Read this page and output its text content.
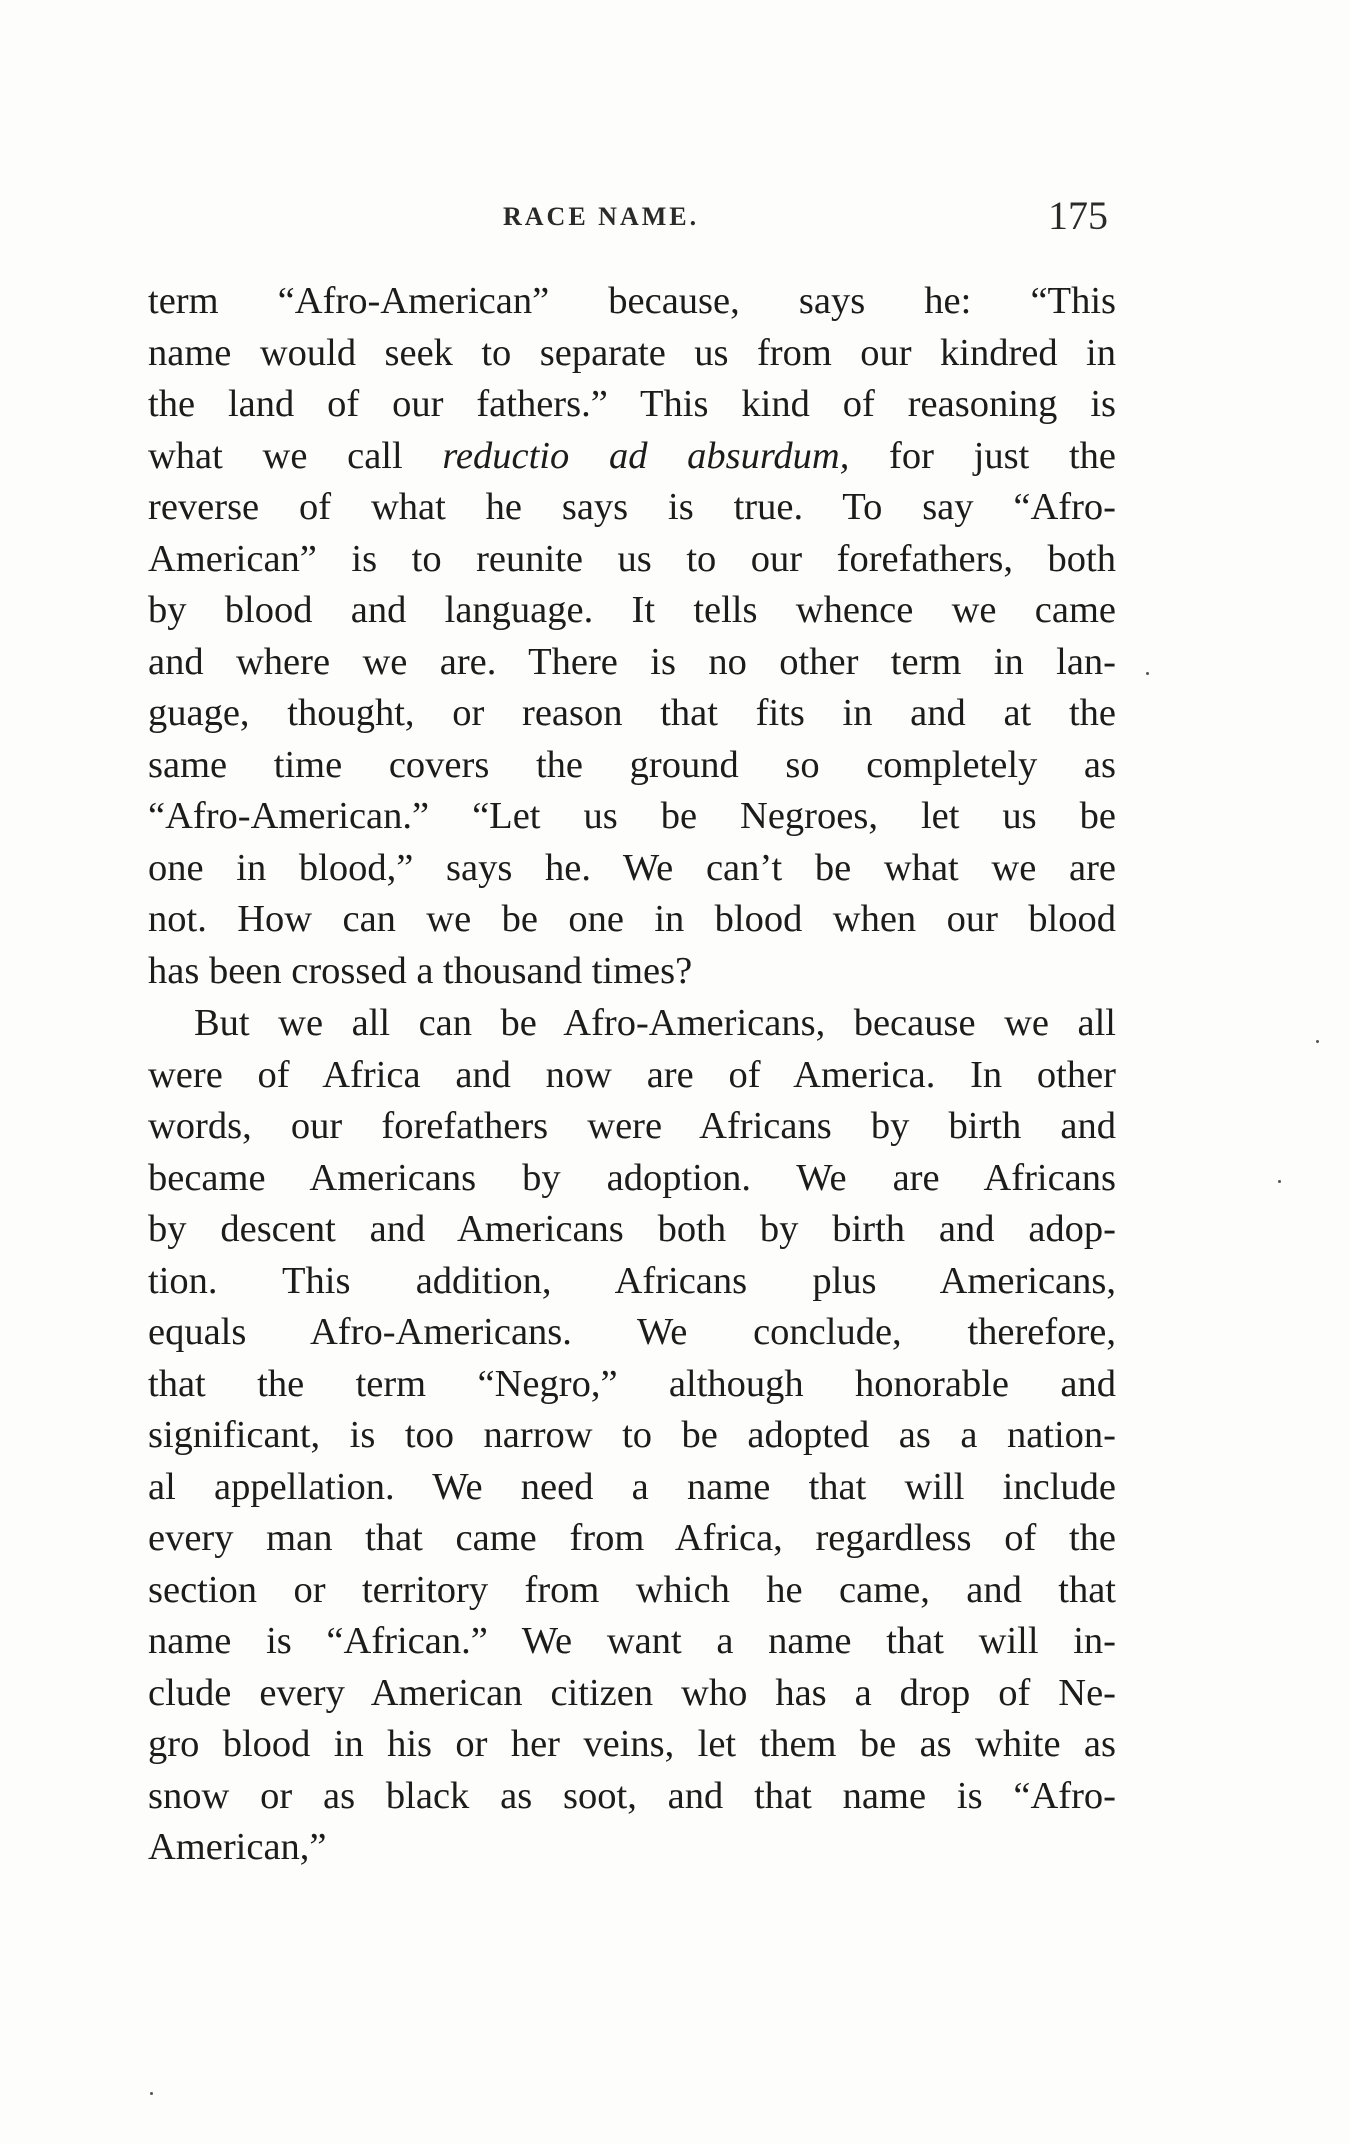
RACE NAME.	175
term “Afro-American” because, says he: “This
name would seek to separate us from our kindred in
the land of our fathers.” This kind of reasoning is
what we call reductio ad absurdum, for just the
reverse of what he says is true. To say “Afro-
American” is to reunite us to our forefathers, both
by blood and language. It tells whence we came
and where we are. There is no other term in lan-
guage, thought, or reason that fits in and at the
same time covers the ground so completely as
“Afro-American.” “Let us be Negroes, let us be
one in blood,” says he. We can’t be what we are
not. How can we be one in blood when our blood
has been crossed a thousand times?
But we all can be Afro-Americans, because we all
were of Africa and now are of America. In other
words, our forefathers were Africans by birth and
became Americans by adoption. We are Africans
by descent and Americans both by birth and adop-
tion. This addition, Africans plus Americans,
equals Afro-Americans. We conclude, therefore,
that the term “Negro,” although honorable and
significant, is too narrow to be adopted as a nation-
al appellation. We need a name that will include
every man that came from Africa, regardless of the
section or territory from which he came, and that
name is “African.” We want a name that will in-
clude every American citizen who has a drop of Ne-
gro blood in his or her veins, let them be as white as
snow or as black as soot, and that name is “Afro-
American,”
